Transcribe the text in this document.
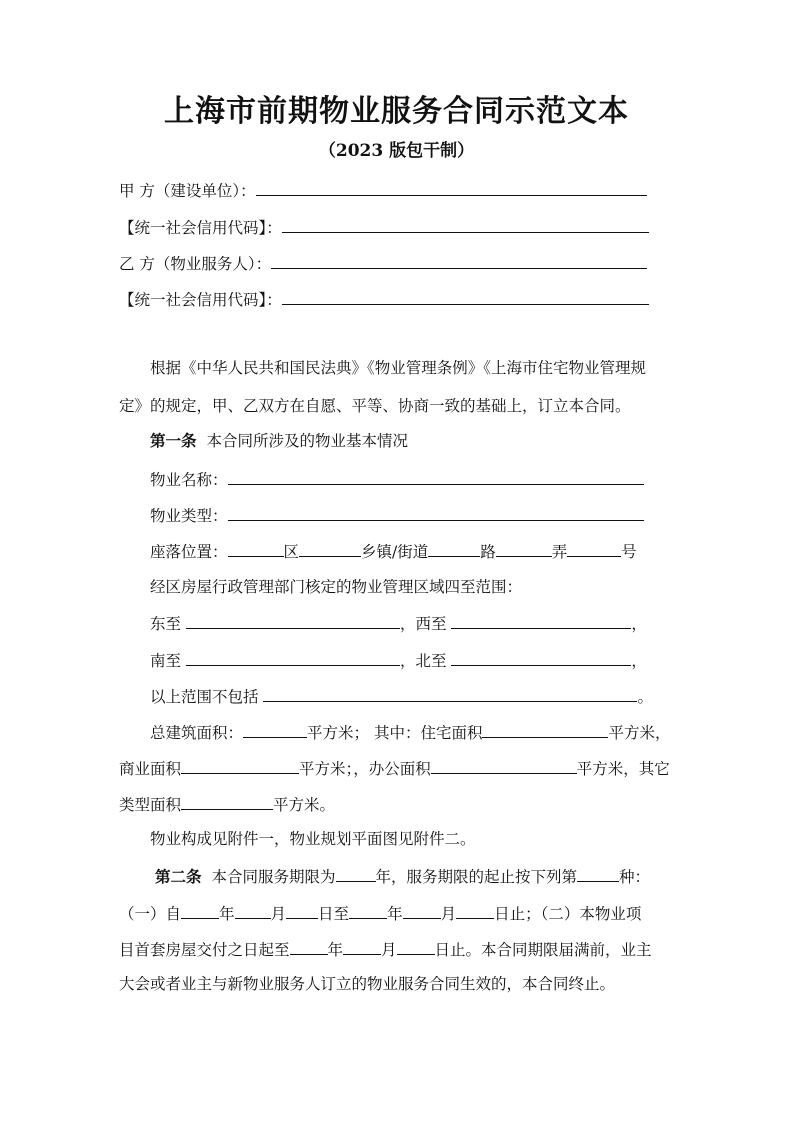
上海市前期物业服务合同示范文本
（2023 版包干制）
甲 方（建设单位）：
【统一社会信用代码】：
乙 方（物业服务人）：
【统一社会信用代码】：
根据《中华人民共和国民法典》《物业管理条例》《上海市住宅物业管理规
定》的规定，甲、乙双方在自愿、平等、协商一致的基础上，订立本合同。
第一条 本合同所涉及的物业基本情况
物业名称：
物业类型：
座落位置：	区	乡镇/街道	路	弄	号
经区房屋行政管理部门核定的物业管理区域四至范围：
东至	，西至	，
南至	，北至	，
以上范围不包括	。
总建筑面积：	平方米； 其中：住宅面积	平方米，
商业面积	平方米；，办公面积	平方米，其它
类型面积	平方米。
物业构成见附件一，物业规划平面图见附件二。
第二条 本合同服务期限为	年，服务期限的起止按下列第	种：
（一）自 年 月 日至 年 月 日止；（二）本物业项
目首套房屋交付之日起至 年 月 日止。本合同期限届满前，业主
大会或者业主与新物业服务人订立的物业服务合同生效的，本合同终止。
